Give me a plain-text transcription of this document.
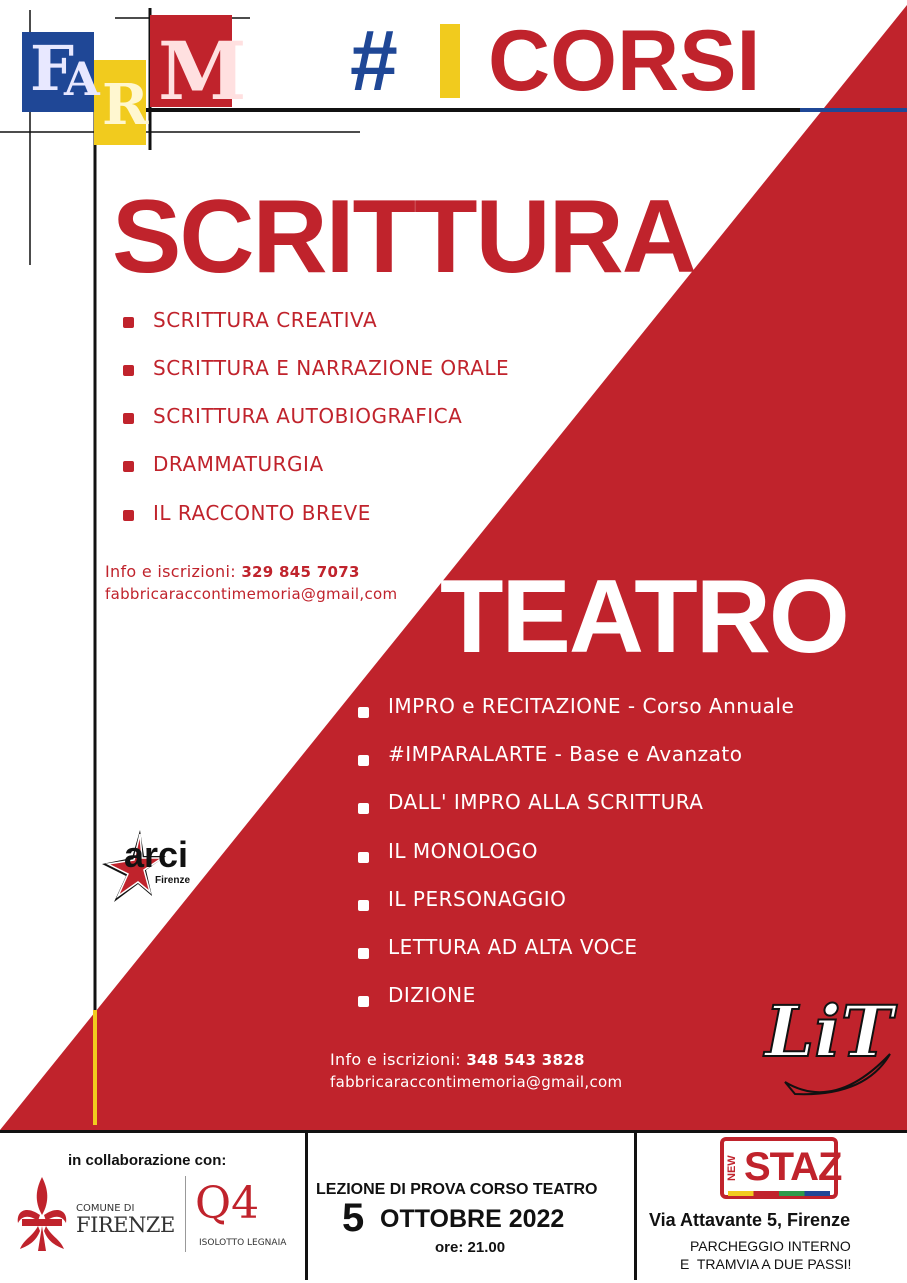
F
A R M # CORSI
SCRITTURA
SCRITTURA CREATIVA
SCRITTURA E NARRAZIONE ORALE
SCRITTURA AUTOBIOGRAFICA
DRAMMATURGIA
IL RACCONTO BREVE
Info e iscrizioni: 329 845 7073
fabbricaraccontimemoria@gmail,com TEATRO
IMPRO e RECITAZIONE - Corso Annuale
#IMPARALARTE - Base e Avanzato
DALL' IMPRO ALLA SCRITTURA
IL MONOLOGO
IL PERSONAGGIO
LETTURA AD ALTA VOCE
DIZIONE
Info e iscrizioni: 348 543 3828
fabbricaraccontimemoria@gmail,com
arci
Firenze
LiT
in collaborazione con:
COMUNE DI
FIRENZE Q4
ISOLOTTO LEGNAIA
LEZIONE DI PROVA CORSO TEATRO
5 OTTOBRE 2022
ore: 21.00
NEW STAZ
Via Attavante 5, Firenze
PARCHEGGIO INTERNO
E  TRAMVIA A DUE PASSI!
